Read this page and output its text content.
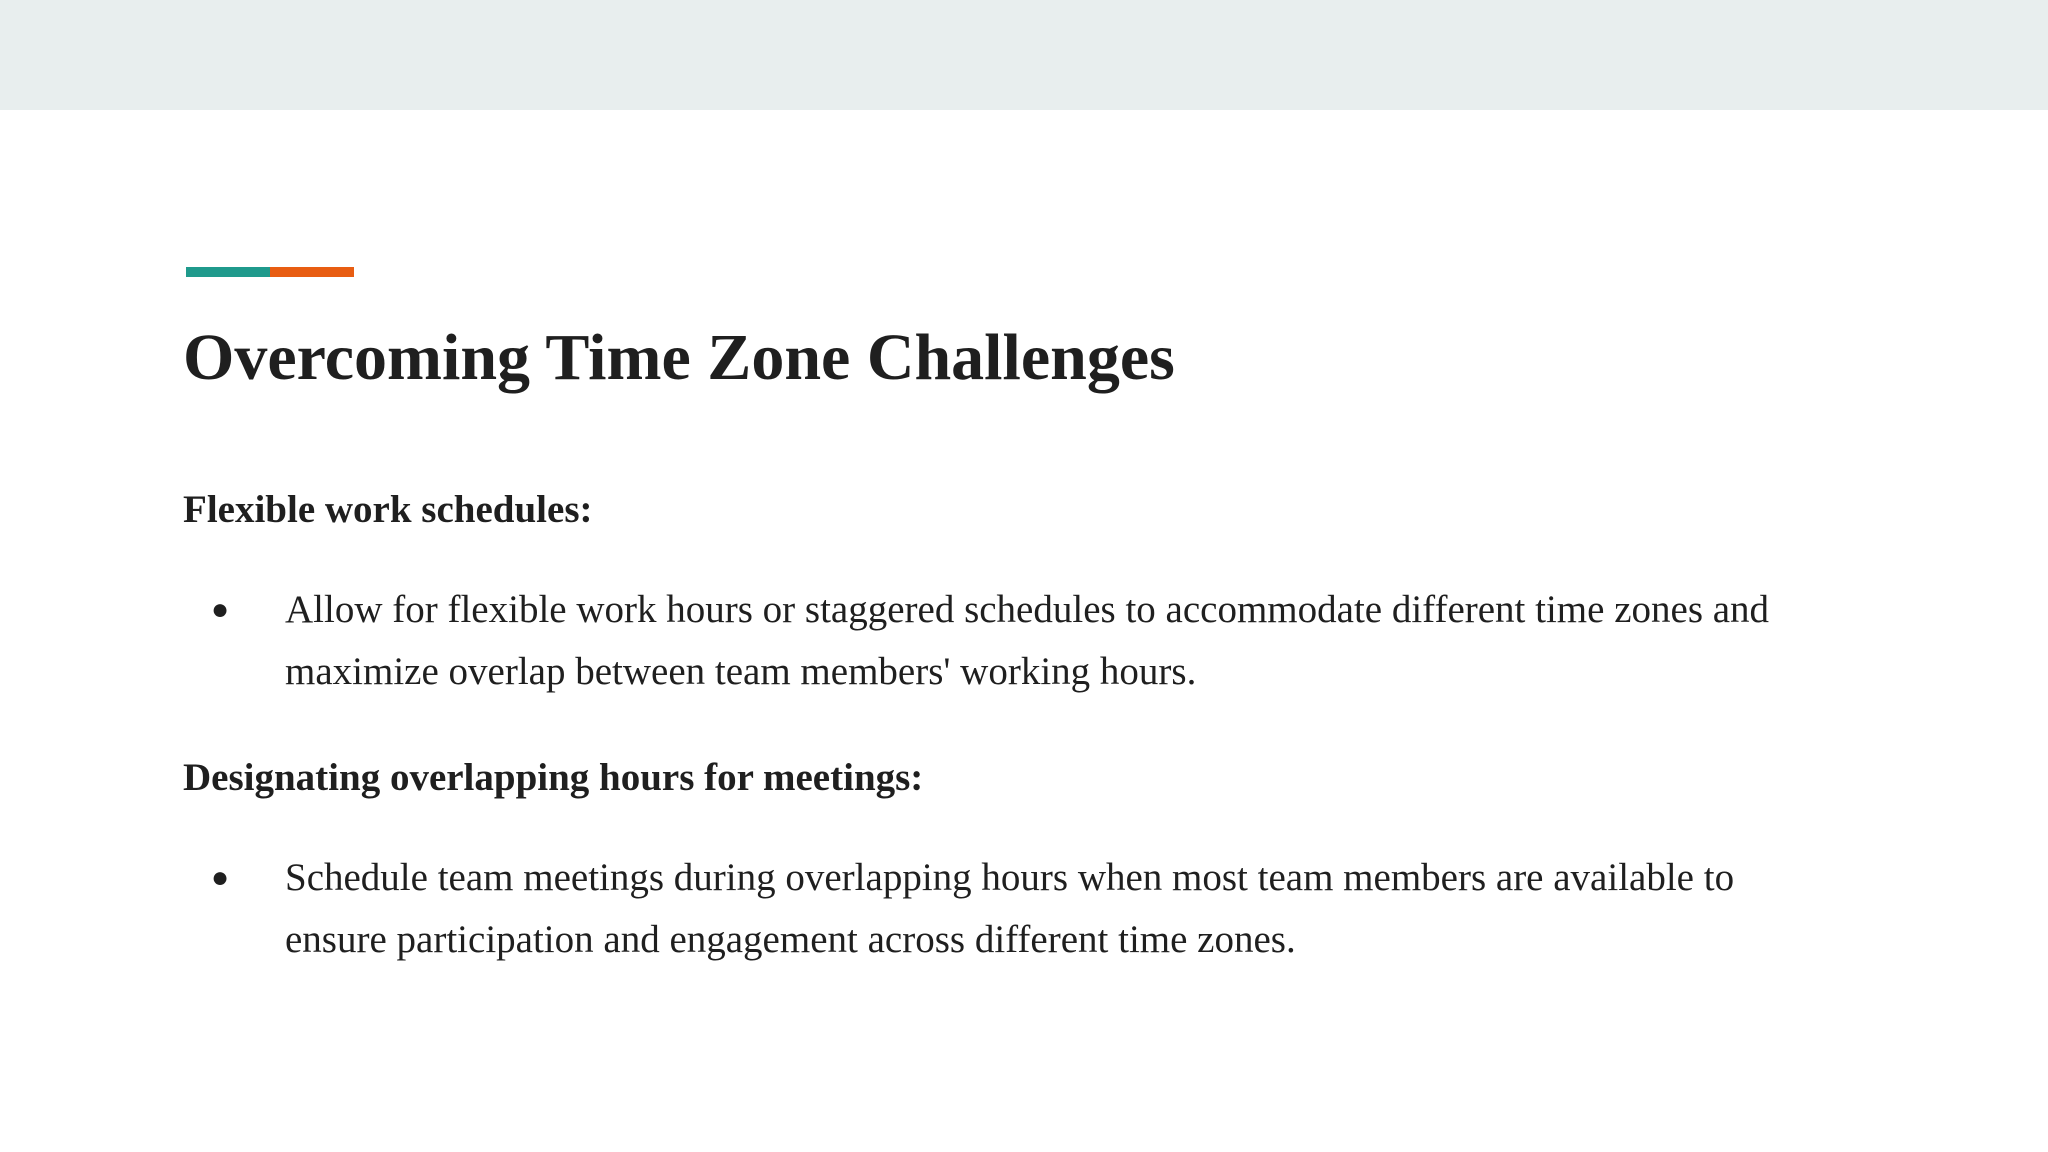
Overcoming Time Zone Challenges
Flexible work schedules:
● Allow for flexible work hours or staggered schedules to accommodate different time zones and maximize overlap between team members' working hours.
Designating overlapping hours for meetings:
● Schedule team meetings during overlapping hours when most team members are available to ensure participation and engagement across different time zones.
